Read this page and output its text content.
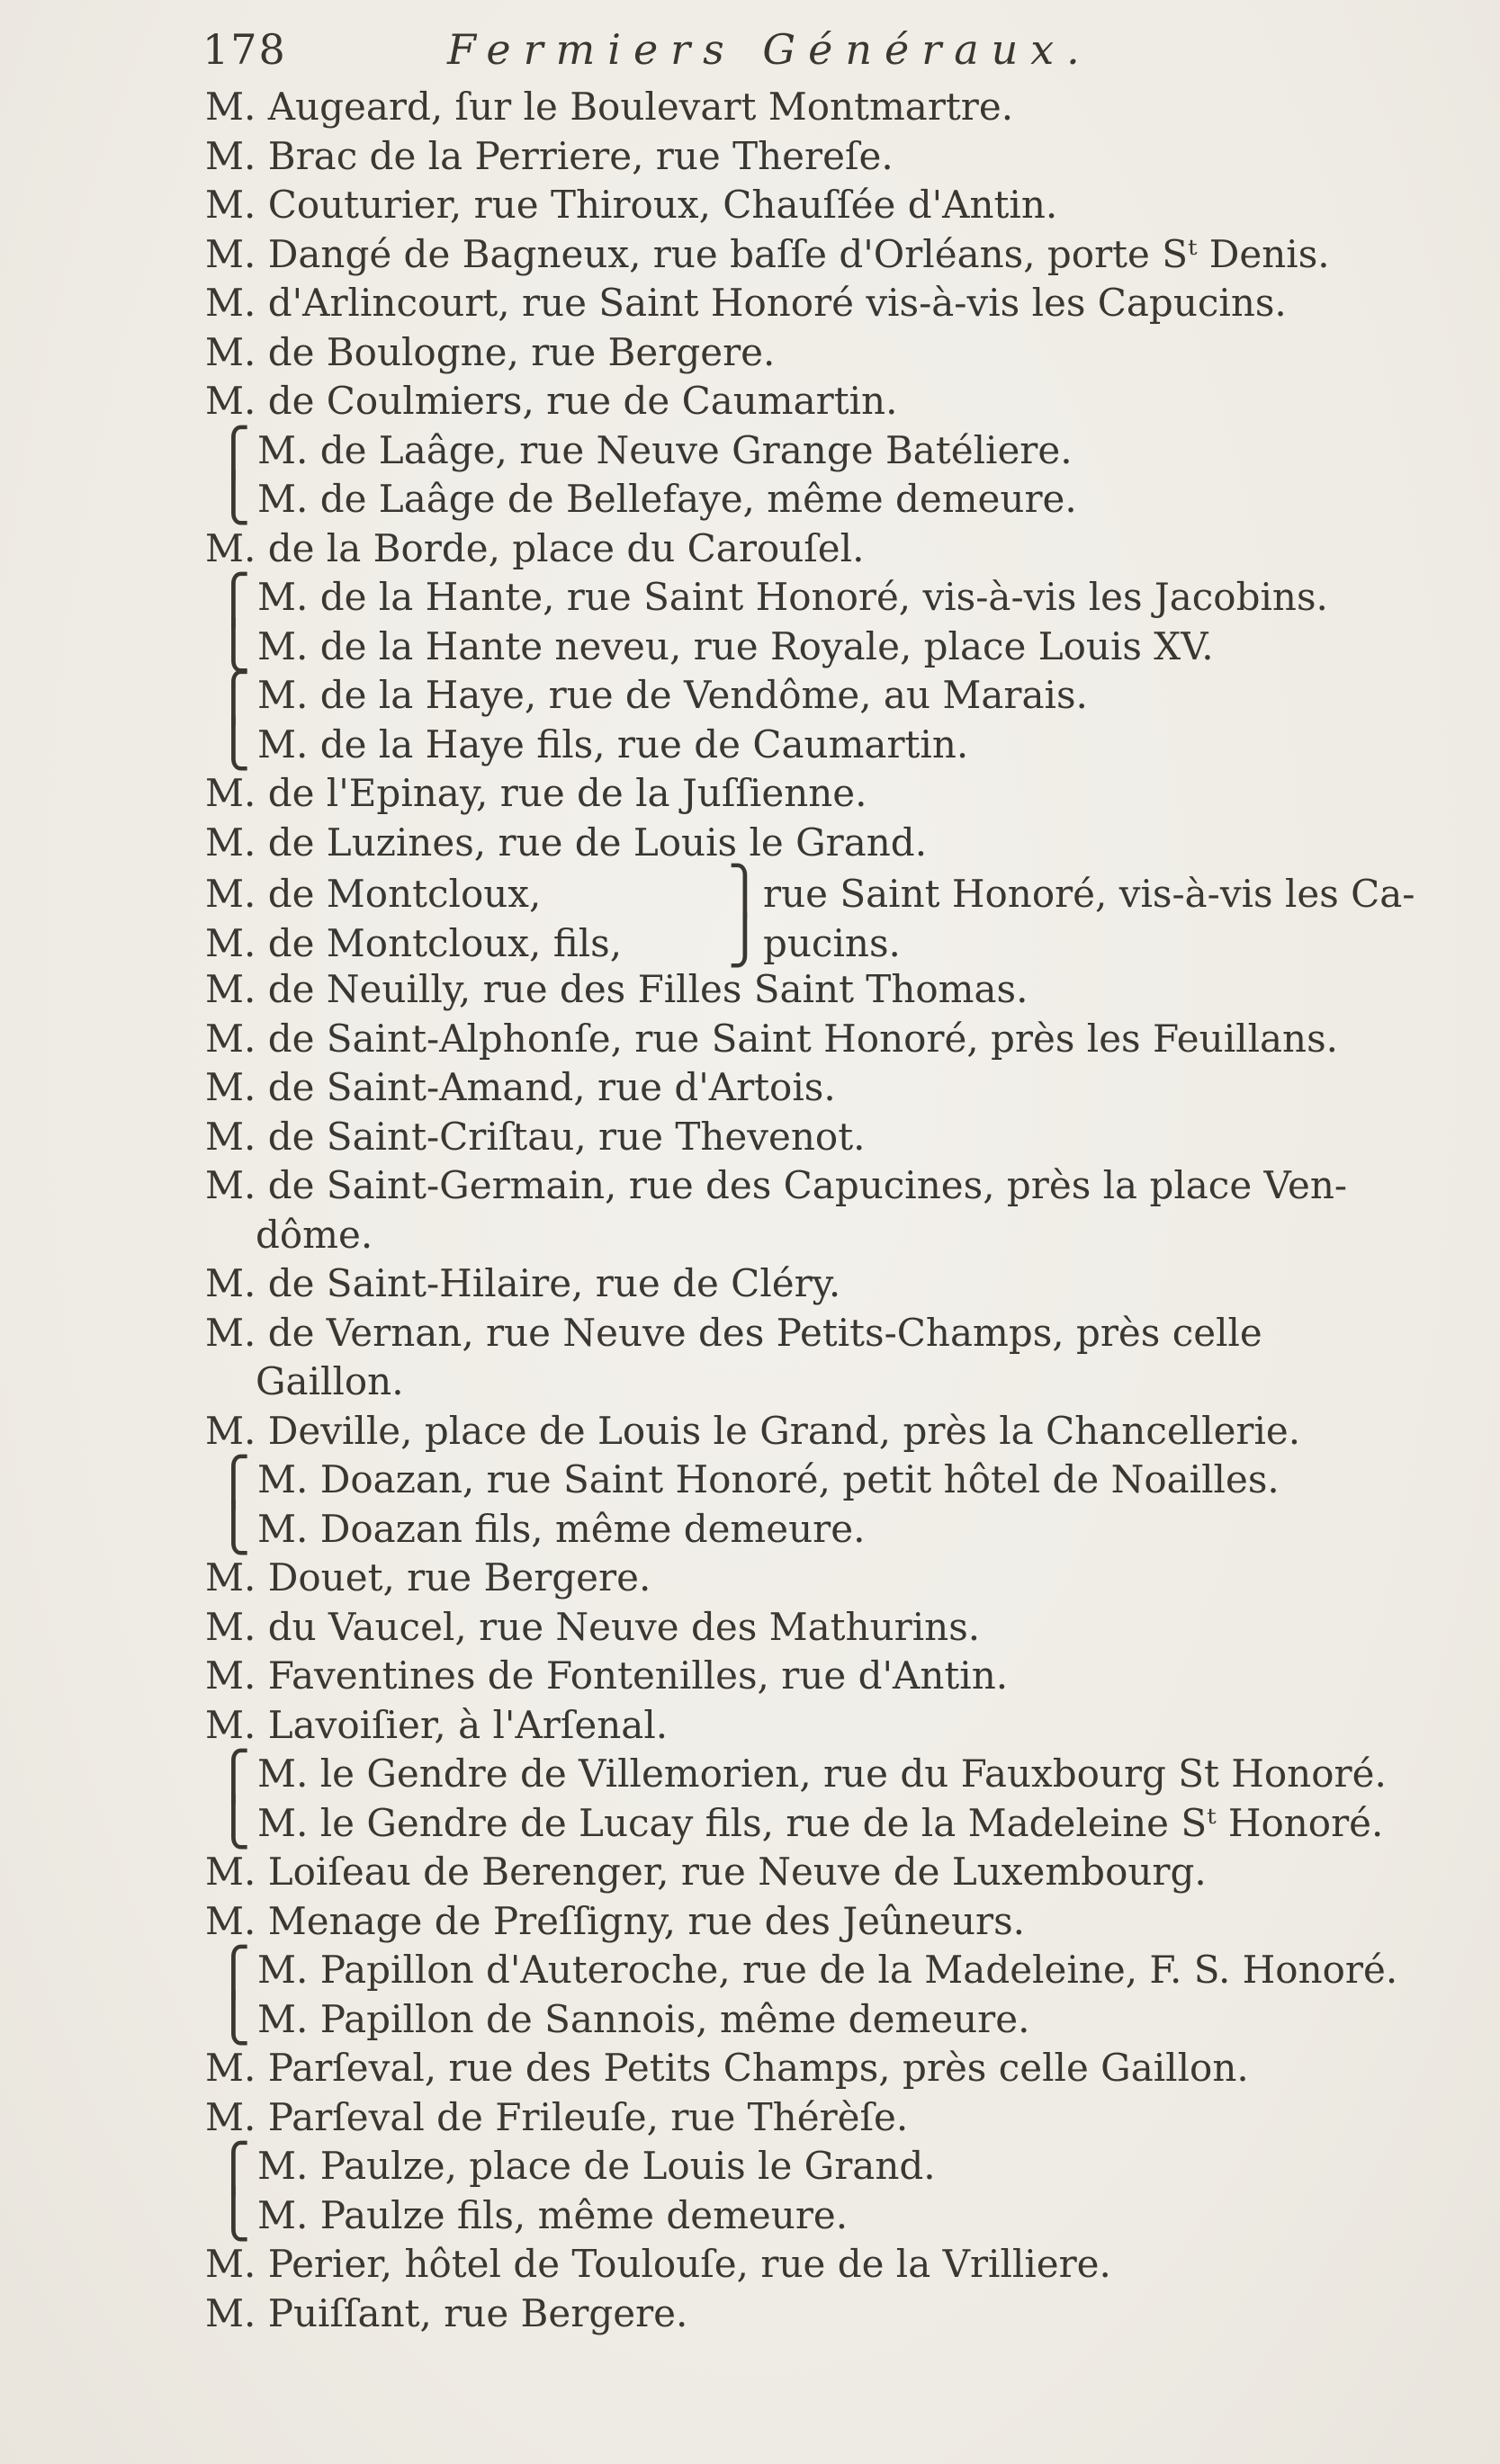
178	Fermiers Généraux.
M. Augeard, ſur le Boulevart Montmartre.
M. Brac de la Perriere, rue Thereſe.
M. Couturier, rue Thiroux, Chauſſée d'Antin.
M. Dangé de Bagneux, rue baſſe d'Orléans, porte Sᵗ Denis.
M. d'Arlincourt, rue Saint Honoré vis-à-vis les Capucins.
M. de Boulogne, rue Bergere.
M. de Coulmiers, rue de Caumartin.
⎧ M. de Laâge, rue Neuve Grange Batéliere.
⎩ M. de Laâge de Bellefaye, même demeure.
M. de la Borde, place du Carouſel.
⎧ M. de la Hante, rue Saint Honoré, vis-à-vis les Jacobins.
⎩ M. de la Hante neveu, rue Royale, place Louis XV.
⎧ M. de la Haye, rue de Vendôme, au Marais.
⎩ M. de la Haye fils, rue de Caumartin.
M. de l'Epinay, rue de la Juſſienne.
M. de Luzines, rue de Louis le Grand.
M. de Montcloux,	⎫rue Saint Honoré, vis-à-vis les Ca-
M. de Montcloux, fils, ⎭pucins.
M. de Neuilly, rue des Filles Saint Thomas.
M. de Saint-Alphonſe, rue Saint Honoré, près les Feuillans.
M. de Saint-Amand, rue d'Artois.
M. de Saint-Criſtau, rue Thevenot.
M. de Saint-Germain, rue des Capucines, près la place Ven-
dôme.
M. de Saint-Hilaire, rue de Cléry.
M. de Vernan, rue Neuve des Petits-Champs, près celle
Gaillon.
M. Deville, place de Louis le Grand, près la Chancellerie.
⎧ M. Doazan, rue Saint Honoré, petit hôtel de Noailles.
⎩ M. Doazan fils, même demeure.
M. Douet, rue Bergere.
M. du Vaucel, rue Neuve des Mathurins.
M. Faventines de Fontenilles, rue d'Antin.
M. Lavoiſier, à l'Arſenal.
⎧ M. le Gendre de Villemorien, rue du Fauxbourg St Honoré.
⎩ M. le Gendre de Lucay fils, rue de la Madeleine Sᵗ Honoré.
M. Loiſeau de Berenger, rue Neuve de Luxembourg.
M. Menage de Preſſigny, rue des Jeûneurs.
⎧ M. Papillon d'Auteroche, rue de la Madeleine, F. S. Honoré.
⎩ M. Papillon de Sannois, même demeure.
M. Parſeval, rue des Petits Champs, près celle Gaillon.
M. Parſeval de Frileuſe, rue Thérèſe.
⎧ M. Paulze, place de Louis le Grand.
⎩ M. Paulze fils, même demeure.
M. Perier, hôtel de Toulouſe, rue de la Vrilliere.
M. Puiſſant, rue Bergere.
